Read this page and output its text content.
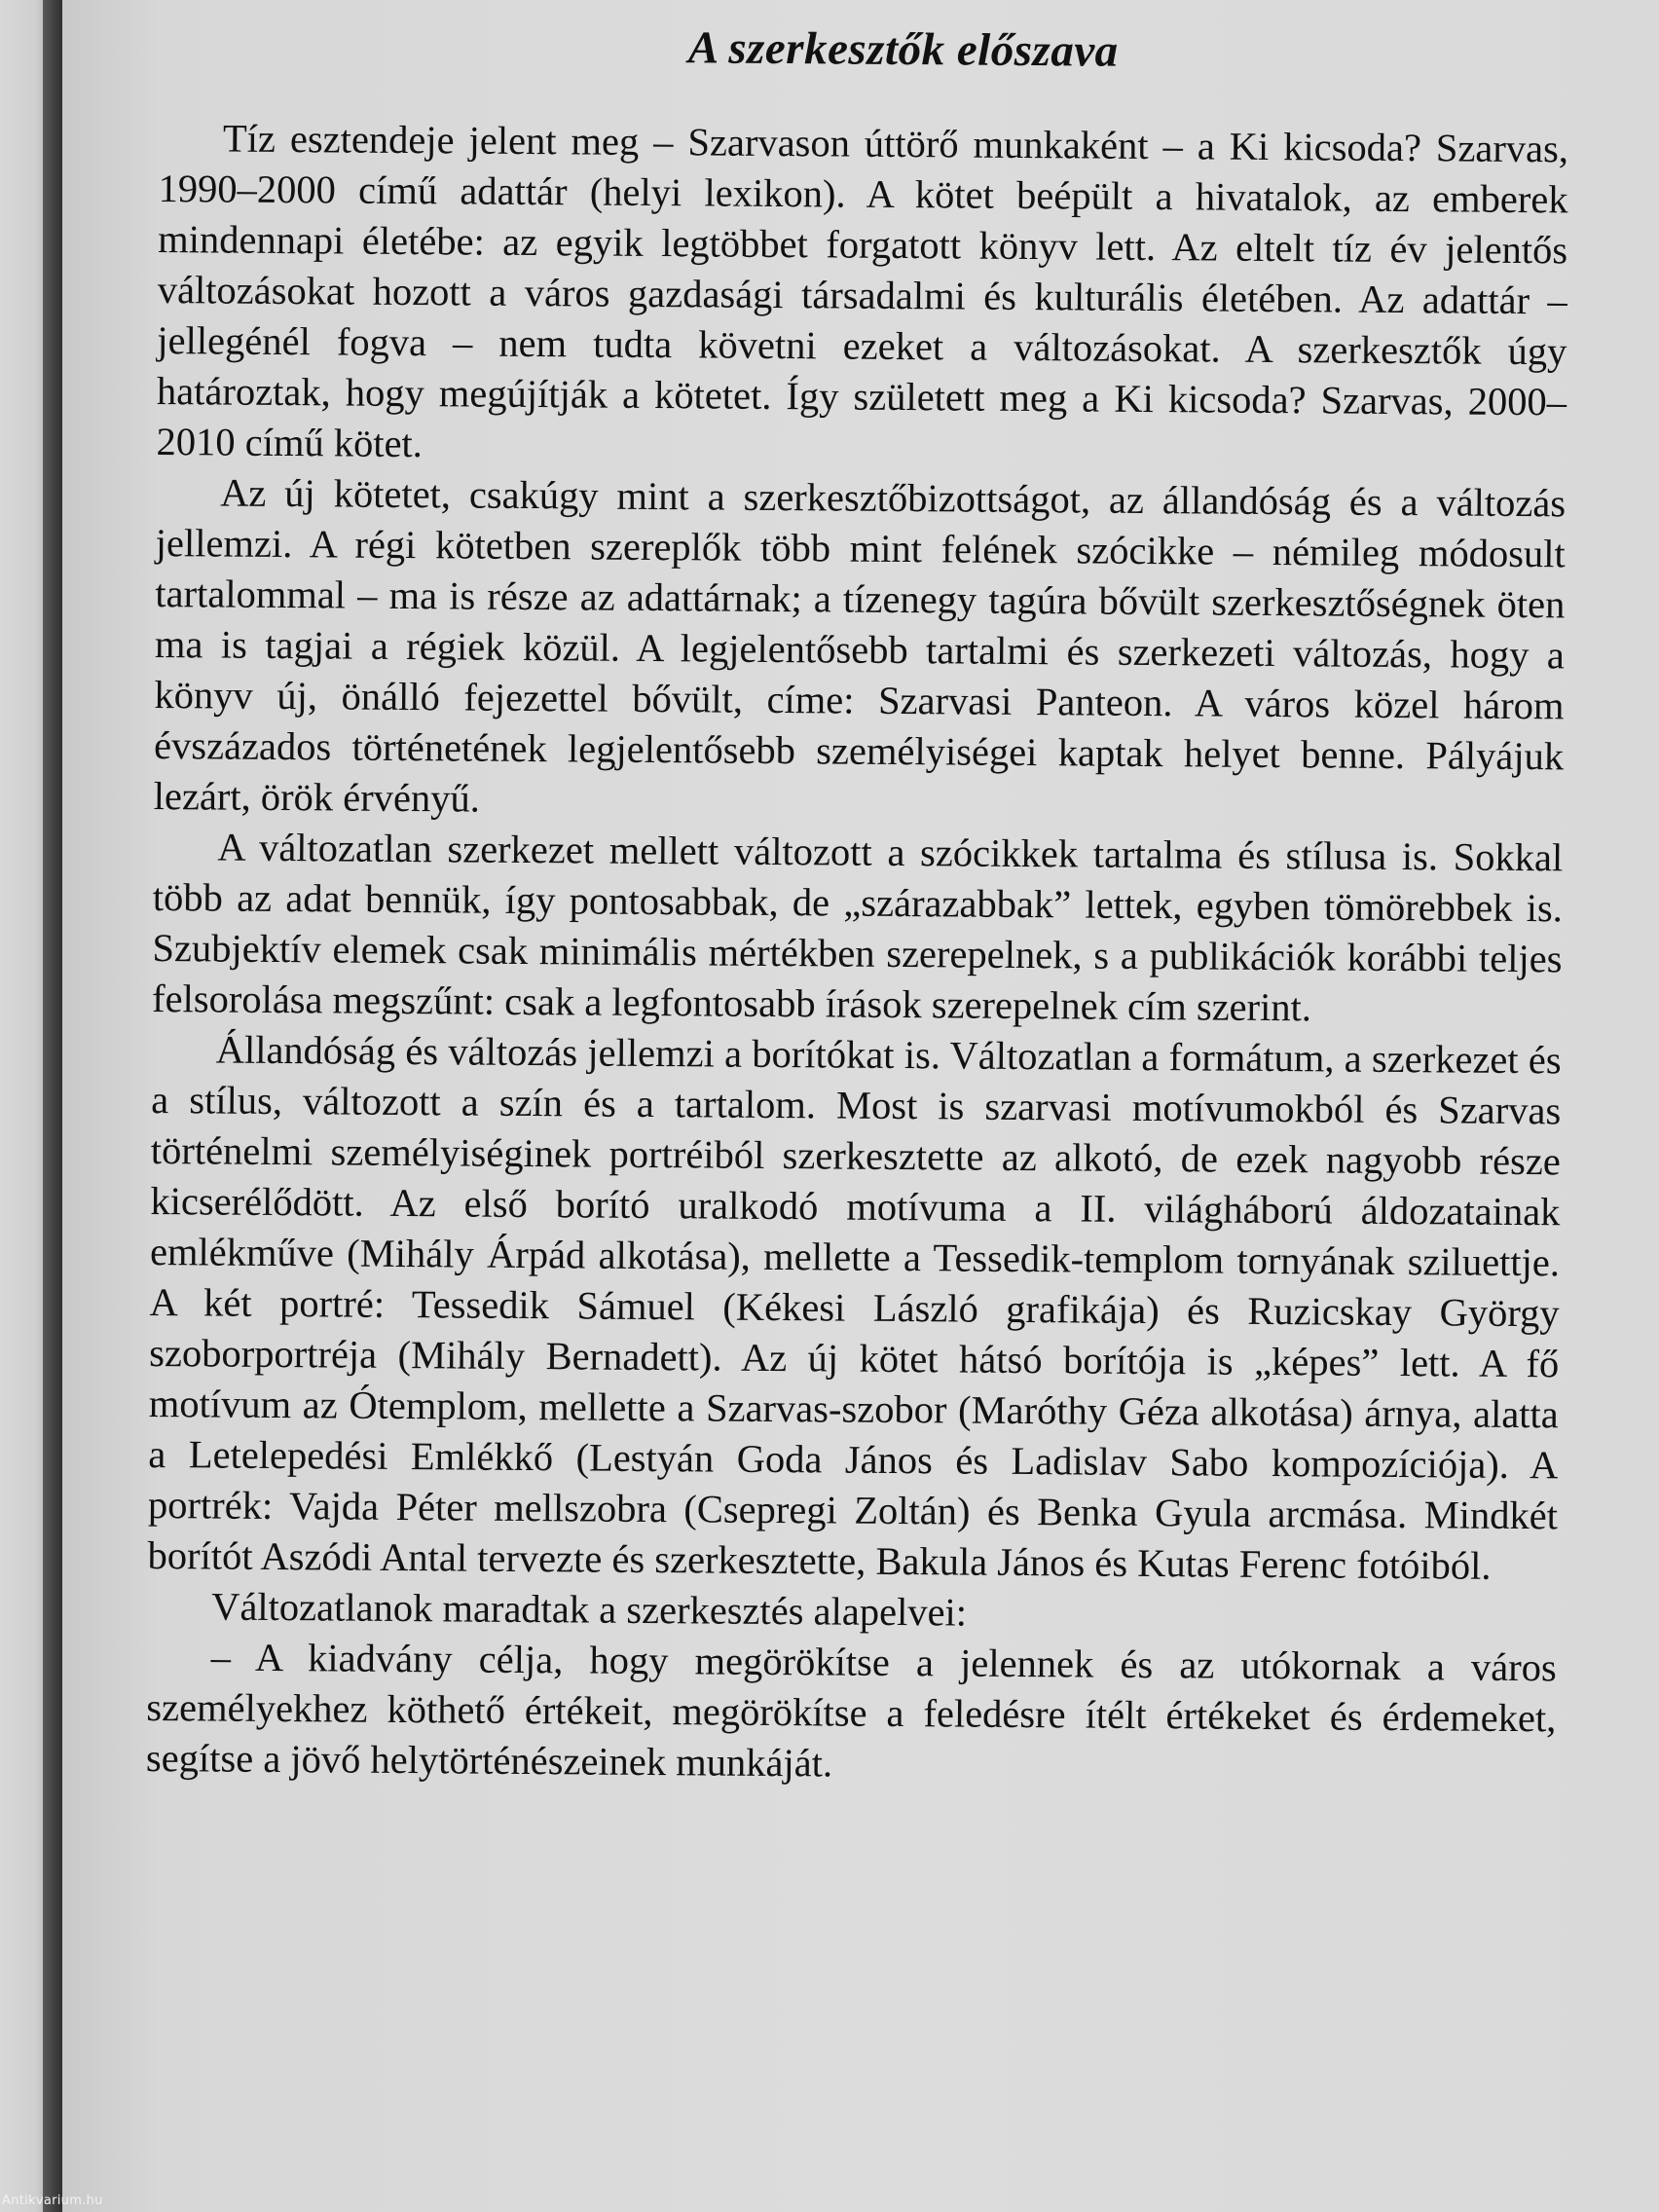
A szerkesztők előszava

Tíz esztendeje jelent meg – Szarvason úttörő munkaként – a Ki kicsoda? Szarvas, 1990–2000 című adattár (helyi lexikon). A kötet beépült a hivatalok, az emberek mindennapi életébe: az egyik legtöbbet forgatott könyv lett. Az eltelt tíz év jelentős változásokat hozott a város gazdasági társadalmi és kulturális életében. Az adattár – jellegénél fogva – nem tudta követni ezeket a változásokat. A szerkesztők úgy határoztak, hogy megújítják a kötetet. Így született meg a Ki kicsoda? Szarvas, 2000–2010 című kötet.

Az új kötetet, csakúgy mint a szerkesztőbizottságot, az állandóság és a változás jellemzi. A régi kötetben szereplők több mint felének szócikke – némileg módosult tartalommal – ma is része az adattárnak; a tízenegy tagúra bővült szerkesztőségnek öten ma is tagjai a régiek közül. A legjelentősebb tartalmi és szerkezeti változás, hogy a könyv új, önálló fejezettel bővült, címe: Szarvasi Panteon. A város közel három évszázados történetének legjelentősebb személyiségei kaptak helyet benne. Pályájuk lezárt, örök érvényű.

A változatlan szerkezet mellett változott a szócikkek tartalma és stílusa is. Sokkal több az adat bennük, így pontosabbak, de „szárazabbak” lettek, egyben tömörebbek is. Szubjektív elemek csak minimális mértékben szerepelnek, s a publikációk korábbi teljes felsorolása megszűnt: csak a legfontosabb írások szerepelnek cím szerint.

Állandóság és változás jellemzi a borítókat is. Változatlan a formátum, a szerkezet és a stílus, változott a szín és a tartalom. Most is szarvasi motívumokból és Szarvas történelmi személyiséginek portréiból szerkesztette az alkotó, de ezek nagyobb része kicserélődött. Az első borító uralkodó motívuma a II. világháború áldozatainak emlékműve (Mihály Árpád alkotása), mellette a Tessedik-templom tornyának sziluettje. A két portré: Tessedik Sámuel (Kékesi László grafikája) és Ruzicskay György szoborportréja (Mihály Bernadett). Az új kötet hátsó borítója is „képes” lett. A fő motívum az Ótemplom, mellette a Szarvas-szobor (Maróthy Géza alkotása) árnya, alatta a Letelepedési Emlékkő (Lestyán Goda János és Ladislav Sabo kompozíciója). A portrék: Vajda Péter mellszobra (Csepregi Zoltán) és Benka Gyula arcmása. Mindkét borítót Aszódi Antal tervezte és szerkesztette, Bakula János és Kutas Ferenc fotóiból.

Változatlanok maradtak a szerkesztés alapelvei:

– A kiadvány célja, hogy megörökítse a jelennek és az utókornak a város személyekhez köthető értékeit, megörökítse a feledésre ítélt értékeket és érdemeket, segítse a jövő helytörténészeinek munkáját.

Antikvarium.hu
